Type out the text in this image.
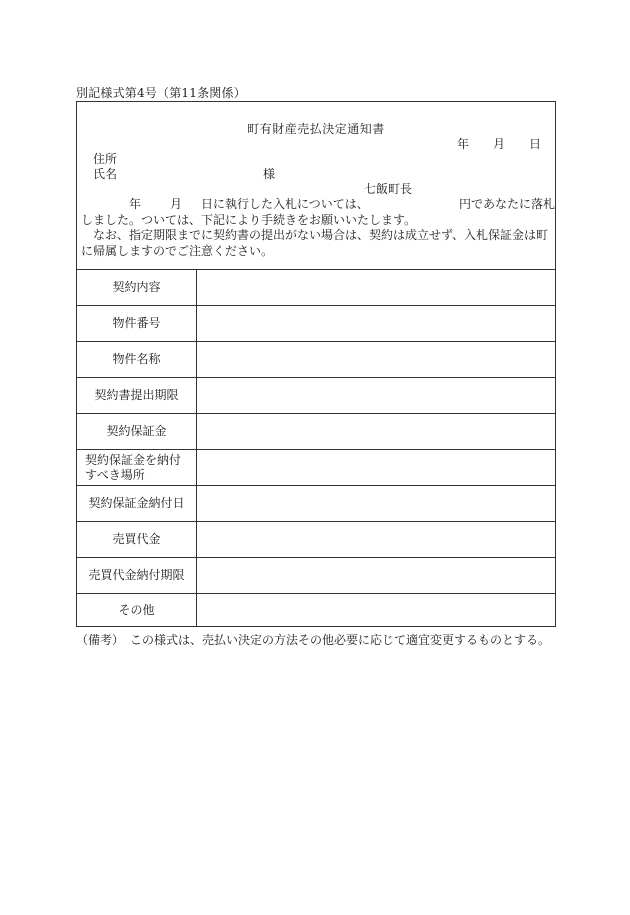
別記様式第4号（第11条関係）
町有財産売払決定通知書
年 月 日
住所
氏名	様
七飯町長
年 月 日に執行した入札については、	円であなたに落札
しました。ついては、下記により手続きをお願いいたします。
なお、指定期限までに契約書の提出がない場合は、契約は成立せず、入札保証金は町に帰属しますのでご注意ください。
契約内容
物件番号
物件名称
契約書提出期限
契約保証金
契約保証金を納付すべき場所
契約保証金納付日
売買代金
売買代金納付期限
その他
（備考）　この様式は、売払い決定の方法その他必要に応じて適宜変更するものとする。
